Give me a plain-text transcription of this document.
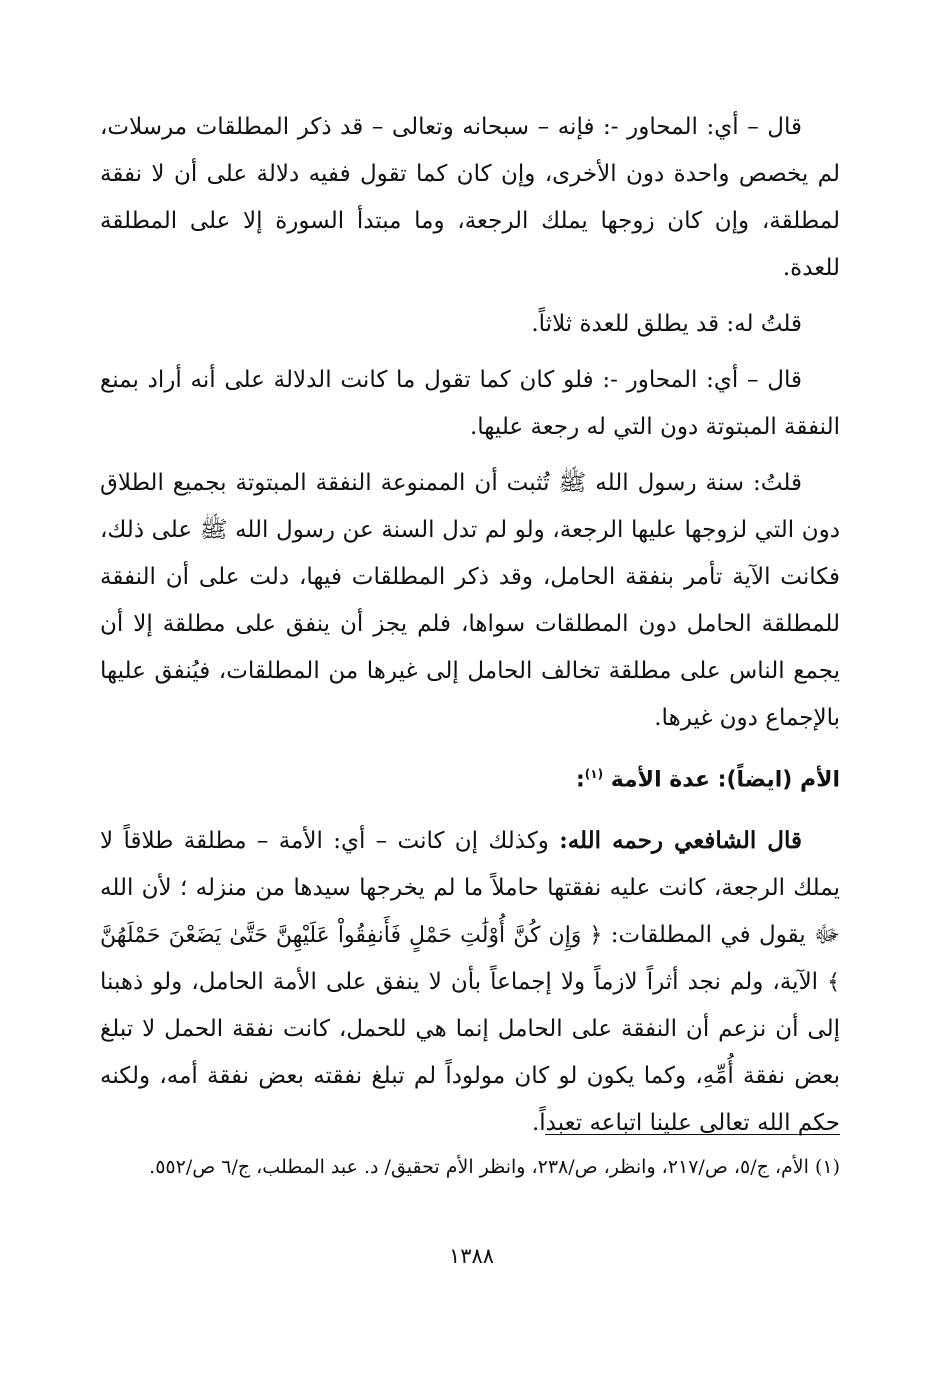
قال – أي: المحاور -: فإنه – سبحانه وتعالى – قد ذكر المطلقات مرسلات، لم يخصص واحدة دون الأخرى، وإن كان كما تقول ففيه دلالة على أن لا نفقة لمطلقة، وإن كان زوجها يملك الرجعة، وما مبتدأ السورة إلا على المطلقة للعدة.

قلتُ له: قد يطلق للعدة ثلاثاً.

قال – أي: المحاور -: فلو كان كما تقول ما كانت الدلالة على أنه أراد بمنع النفقة المبتوتة دون التي له رجعة عليها.

قلتُ: سنة رسول الله ﷺ تُثبت أن الممنوعة النفقة المبتوتة بجميع الطلاق دون التي لزوجها عليها الرجعة، ولو لم تدل السنة عن رسول الله ﷺ على ذلك، فكانت الآية تأمر بنفقة الحامل، وقد ذكر المطلقات فيها، دلت على أن النفقة للمطلقة الحامل دون المطلقات سواها، فلم يجز أن ينفق على مطلقة إلا أن يجمع الناس على مطلقة تخالف الحامل إلى غيرها من المطلقات، فيُنفق عليها بالإجماع دون غيرها.

الأم (ايضاً): عدة الأمة $^{(١)}$:

قال الشافعي رحمه الله: وكذلك إن كانت – أي: الأمة – مطلقة طلاقاً لا يملك الرجعة، كانت عليه نفقتها حاملاً ما لم يخرجها سيدها من منزله ؛ لأن الله ﷻ يقول في المطلقات: ﴿ وَإِن كُنَّ أُوْلَٰتِ حَمْلٍ فَأَنفِقُواْ عَلَيْهِنَّ حَتَّىٰ يَضَعْنَ حَمْلَهُنَّ ﴾ الآية، ولم نجد أثراً لازماً ولا إجماعاً بأن لا ينفق على الأمة الحامل، ولو ذهبنا إلى أن نزعم أن النفقة على الحامل إنما هي للحمل، كانت نفقة الحمل لا تبلغ بعض نفقة أُمِّهِ، وكما يكون لو كان مولوداً لم تبلغ نفقته بعض نفقة أمه، ولكنه حكم الله تعالى علينا اتباعه تعبداً.

(١) الأم، ج/٥، ص/٢١٧، وانظر، ص/٢٣٨، وانظر الأم تحقيق/ د. عبد المطلب، ج/٦ ص/٥٥٢.
١٣٨٨
